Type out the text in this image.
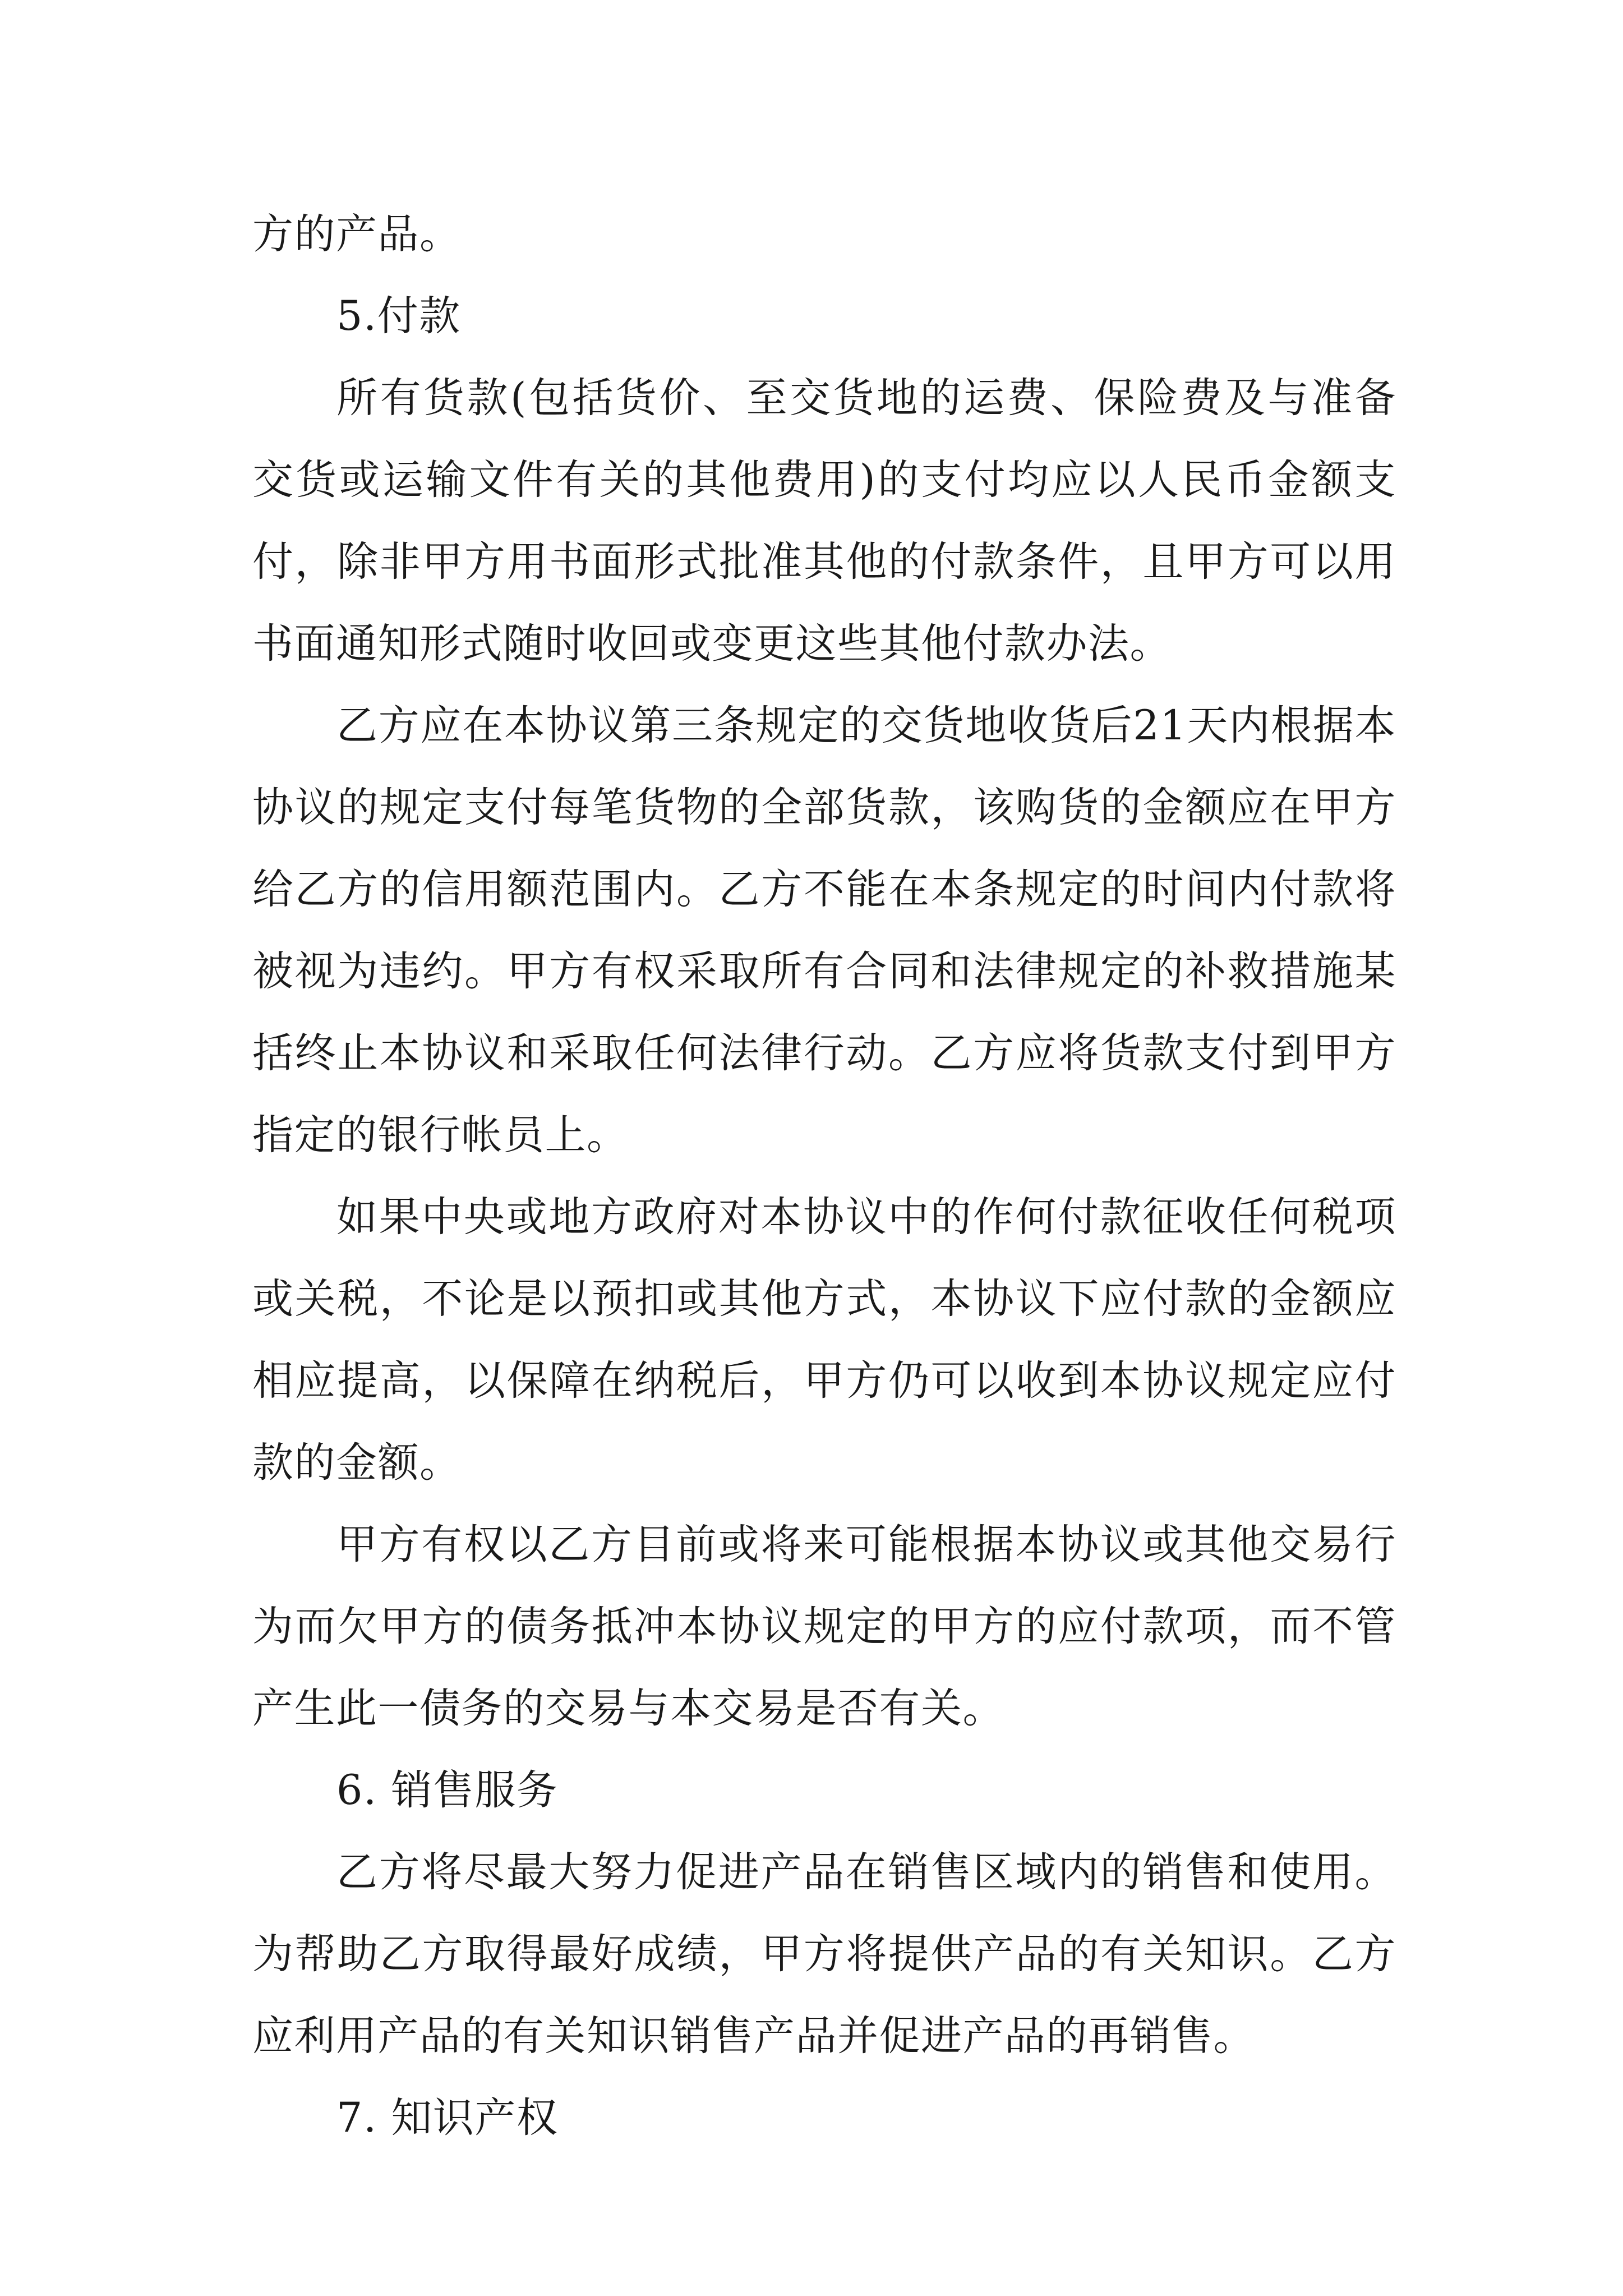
方的产品。

5.付款

所有货款(包括货价、至交货地的运费、保险费及与准备交货或运输文件有关的其他费用)的支付均应以人民币金额支付，除非甲方用书面形式批准其他的付款条件，且甲方可以用书面通知形式随时收回或变更这些其他付款办法。

乙方应在本协议第三条规定的交货地收货后21天内根据本协议的规定支付每笔货物的全部货款，该购货的金额应在甲方给乙方的信用额范围内。乙方不能在本条规定的时间内付款将被视为违约。甲方有权采取所有合同和法律规定的补救措施某括终止本协议和采取任何法律行动。乙方应将货款支付到甲方指定的银行帐员上。

如果中央或地方政府对本协议中的作何付款征收任何税项或关税，不论是以预扣或其他方式，本协议下应付款的金额应相应提高，以保障在纳税后，甲方仍可以收到本协议规定应付款的金额。

甲方有权以乙方目前或将来可能根据本协议或其他交易行为而欠甲方的债务抵冲本协议规定的甲方的应付款项，而不管产生此一债务的交易与本交易是否有关。

6. 销售服务

乙方将尽最大努力促进产品在销售区域内的销售和使用。为帮助乙方取得最好成绩，甲方将提供产品的有关知识。乙方应利用产品的有关知识销售产品并促进产品的再销售。

7. 知识产权
